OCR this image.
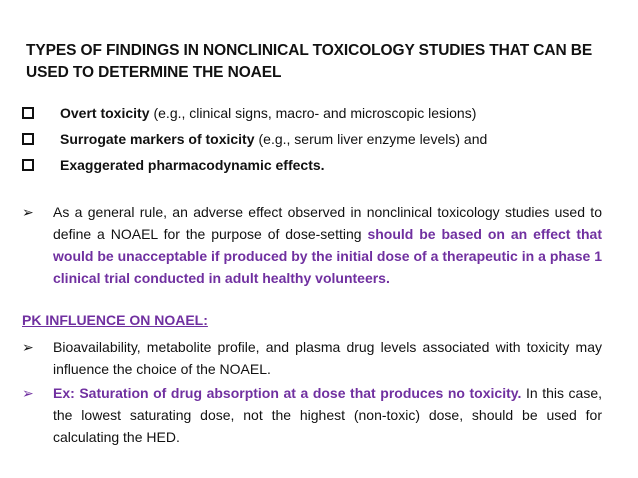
TYPES OF FINDINGS IN NONCLINICAL TOXICOLOGY STUDIES THAT CAN BE USED TO DETERMINE THE NOAEL
Overt toxicity (e.g., clinical signs, macro- and microscopic lesions)
Surrogate markers of toxicity (e.g., serum liver enzyme levels) and
Exaggerated pharmacodynamic effects.
➢	As a general rule, an adverse effect observed in nonclinical toxicology studies used to define a NOAEL for the purpose of dose-setting should be based on an effect that would be unacceptable if produced by the initial dose of a therapeutic in a phase 1 clinical trial conducted in adult healthy volunteers.
PK INFLUENCE ON NOAEL:
➢	Bioavailability, metabolite profile, and plasma drug levels associated with toxicity may influence the choice of the NOAEL.
➢	Ex: Saturation of drug absorption at a dose that produces no toxicity. In this case, the lowest saturating dose, not the highest (non-toxic) dose, should be used for calculating the HED.
